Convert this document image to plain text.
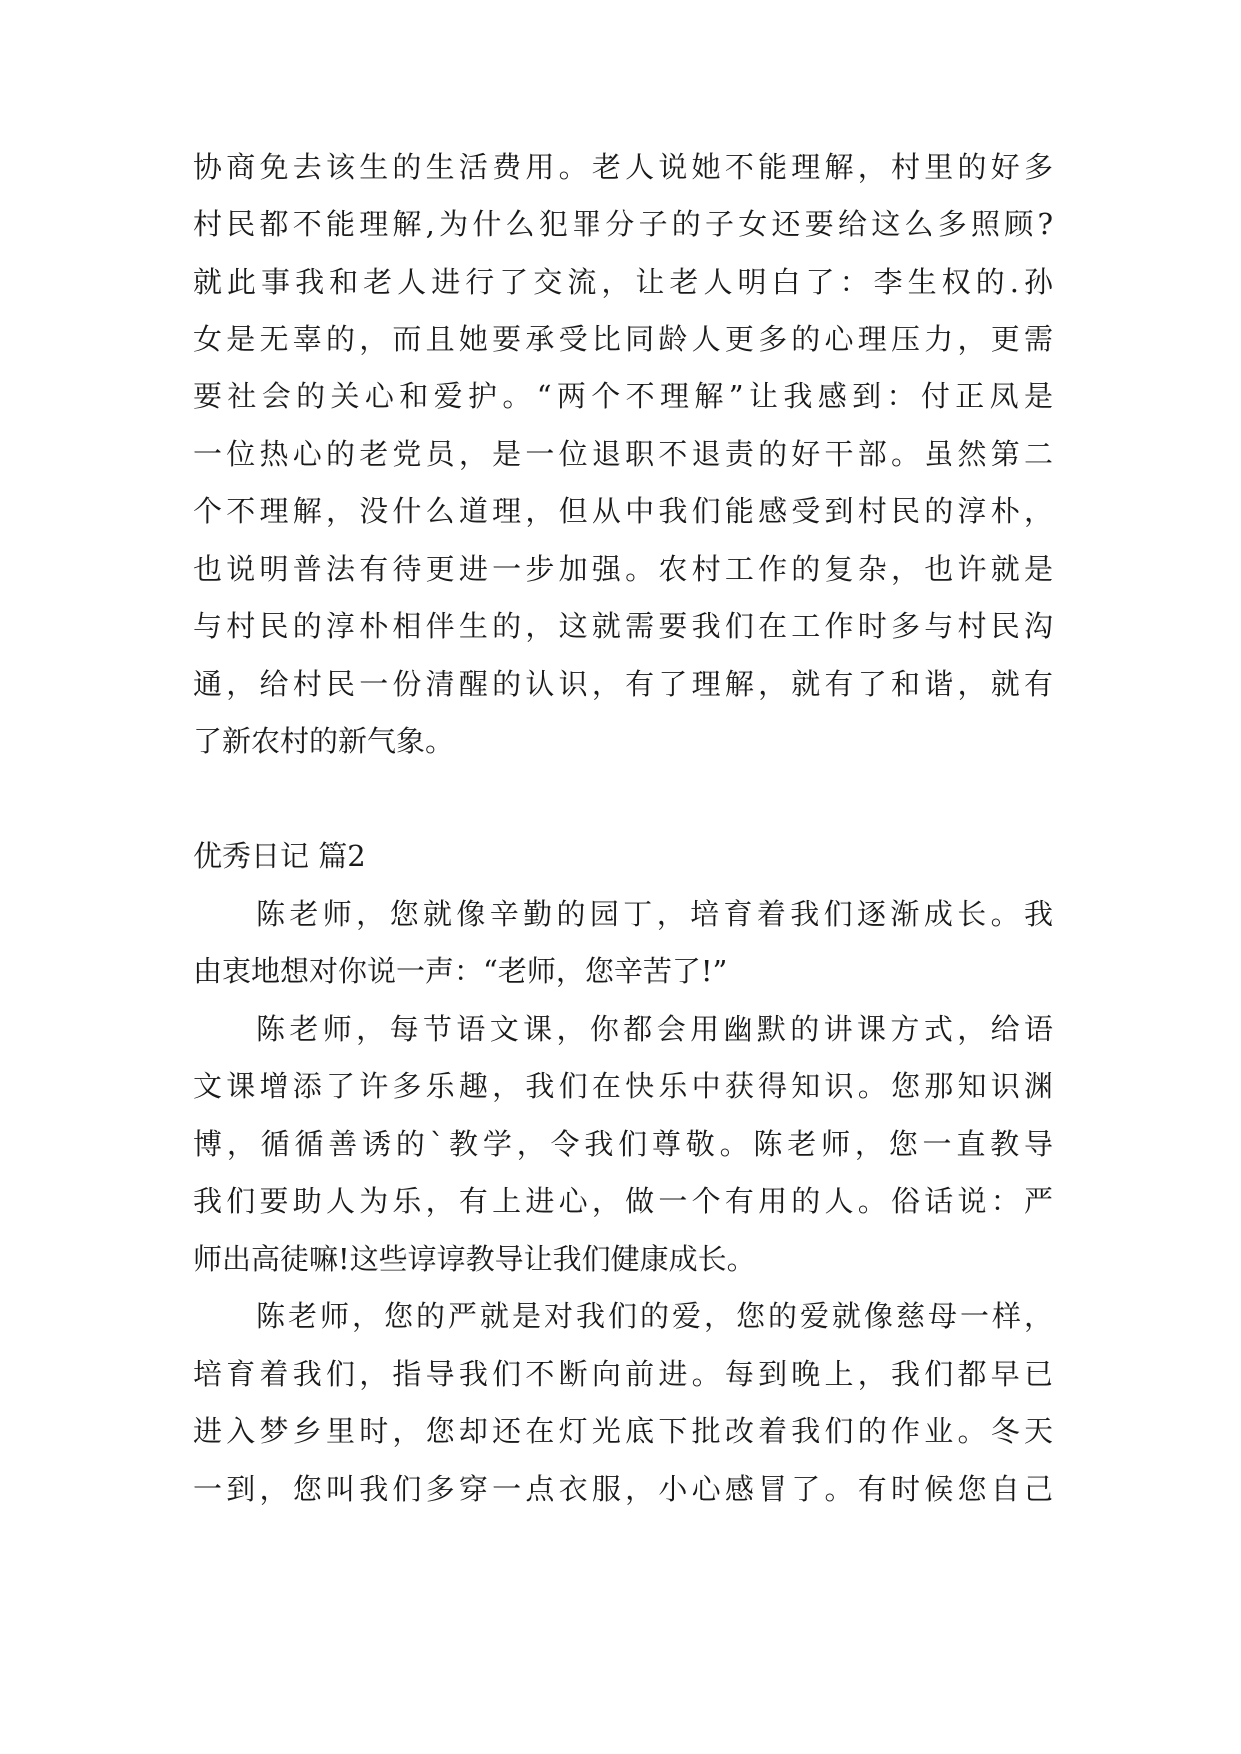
协商免去该生的生活费用。老人说她不能理解，村里的好多
村民都不能理解,为什么犯罪分子的子女还要给这么多照顾?
就此事我和老人进行了交流，让老人明白了：李生权的.孙
女是无辜的，而且她要承受比同龄人更多的心理压力，更需
要社会的关心和爱护。“两个不理解”让我感到：付正凤是
一位热心的老党员，是一位退职不退责的好干部。虽然第二
个不理解，没什么道理，但从中我们能感受到村民的淳朴，
也说明普法有待更进一步加强。农村工作的复杂，也许就是
与村民的淳朴相伴生的，这就需要我们在工作时多与村民沟
通，给村民一份清醒的认识，有了理解，就有了和谐，就有
了新农村的新气象。
优秀日记 篇2
陈老师，您就像辛勤的园丁，培育着我们逐渐成长。我
由衷地想对你说一声：“老师，您辛苦了!”
陈老师，每节语文课，你都会用幽默的讲课方式，给语
文课增添了许多乐趣，我们在快乐中获得知识。您那知识渊
博，循循善诱的`教学，令我们尊敬。陈老师，您一直教导
我们要助人为乐，有上进心，做一个有用的人。俗话说：严
师出高徒嘛!这些谆谆教导让我们健康成长。
陈老师，您的严就是对我们的爱，您的爱就像慈母一样，
培育着我们，指导我们不断向前进。每到晚上，我们都早已
进入梦乡里时，您却还在灯光底下批改着我们的作业。冬天
一到，您叫我们多穿一点衣服，小心感冒了。有时候您自己
